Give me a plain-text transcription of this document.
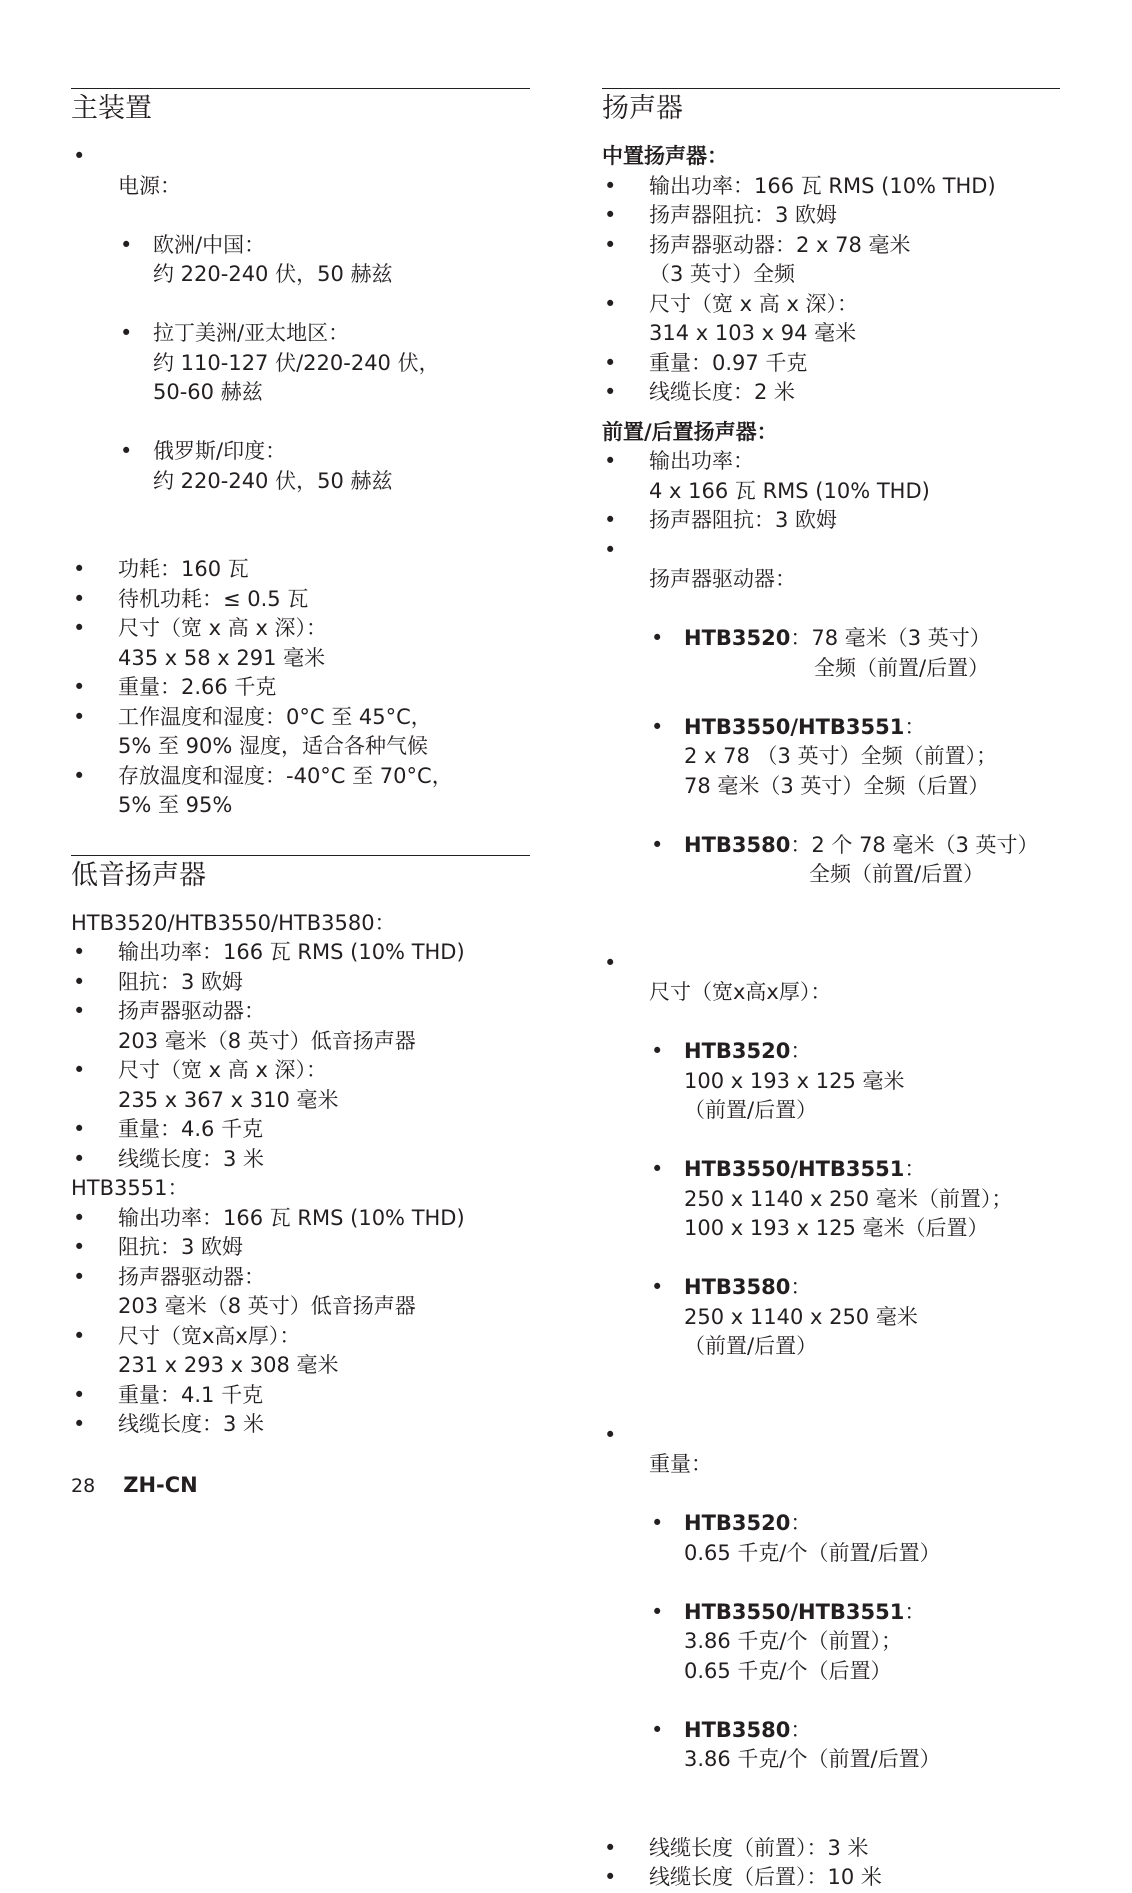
主装置

• 电源：

• 欧洲/中国：
约 220-240 伏，50 赫兹

• 拉丁美洲/亚太地区：
约 110-127 伏/220-240 伏，
50-60 赫兹

• 俄罗斯/印度：
约 220-240 伏，50 赫兹

• 功耗：160 瓦
• 待机功耗：≤ 0.5 瓦
• 尺寸（宽 x 高 x 深）：
435 x 58 x 291 毫米
• 重量：2.66 千克
• 工作温度和湿度：0°C 至 45°C，
5% 至 90% 湿度，适合各种气候
• 存放温度和湿度：-40°C 至 70°C，
5% 至 95%
低音扬声器
HTB3520/HTB3550/HTB3580：
• 输出功率：166 瓦 RMS (10% THD)
• 阻抗：3 欧姆
• 扬声器驱动器：
203 毫米（8 英寸）低音扬声器
• 尺寸（宽 x 高 x 深）：
235 x 367 x 310 毫米
• 重量：4.6 千克
• 线缆长度：3 米
HTB3551：
• 输出功率：166 瓦 RMS (10% THD)
• 阻抗：3 欧姆
• 扬声器驱动器：
203 毫米（8 英寸）低音扬声器
• 尺寸（宽x高x厚）：
231 x 293 x 308 毫米
• 重量：4.1 千克
• 线缆长度：3 米
扬声器
中置扬声器：
• 输出功率：166 瓦 RMS (10% THD)
• 扬声器阻抗：3 欧姆
• 扬声器驱动器：2 x 78 毫米
（3 英寸）全频
• 尺寸（宽 x 高 x 深）：
314 x 103 x 94 毫米
• 重量：0.97 千克
• 线缆长度：2 米
前置/后置扬声器：
• 输出功率：
4 x 166 瓦 RMS (10% THD)
• 扬声器阻抗：3 欧姆

• 扬声器驱动器：

• HTB3520：78 毫米（3 英寸）
全频（前置/后置）

• HTB3550/HTB3551：
2 x 78 （3 英寸）全频（前置）；
78 毫米（3 英寸）全频（后置）

• HTB3580：2 个 78 毫米（3 英寸）
全频（前置/后置）

• 尺寸（宽x高x厚）：

• HTB3520：
100 x 193 x 125 毫米
（前置/后置）

• HTB3550/HTB3551：
250 x 1140 x 250 毫米（前置）；
100 x 193 x 125 毫米（后置）

• HTB3580：
250 x 1140 x 250 毫米
（前置/后置）

• 重量：

• HTB3520：
0.65 千克/个（前置/后置）

• HTB3550/HTB3551：
3.86 千克/个（前置）；
0.65 千克/个（后置）

• HTB3580：
3.86 千克/个（前置/后置）

• 线缆长度（前置）：3 米
• 线缆长度（后置）：10 米
28 ZH-CN
